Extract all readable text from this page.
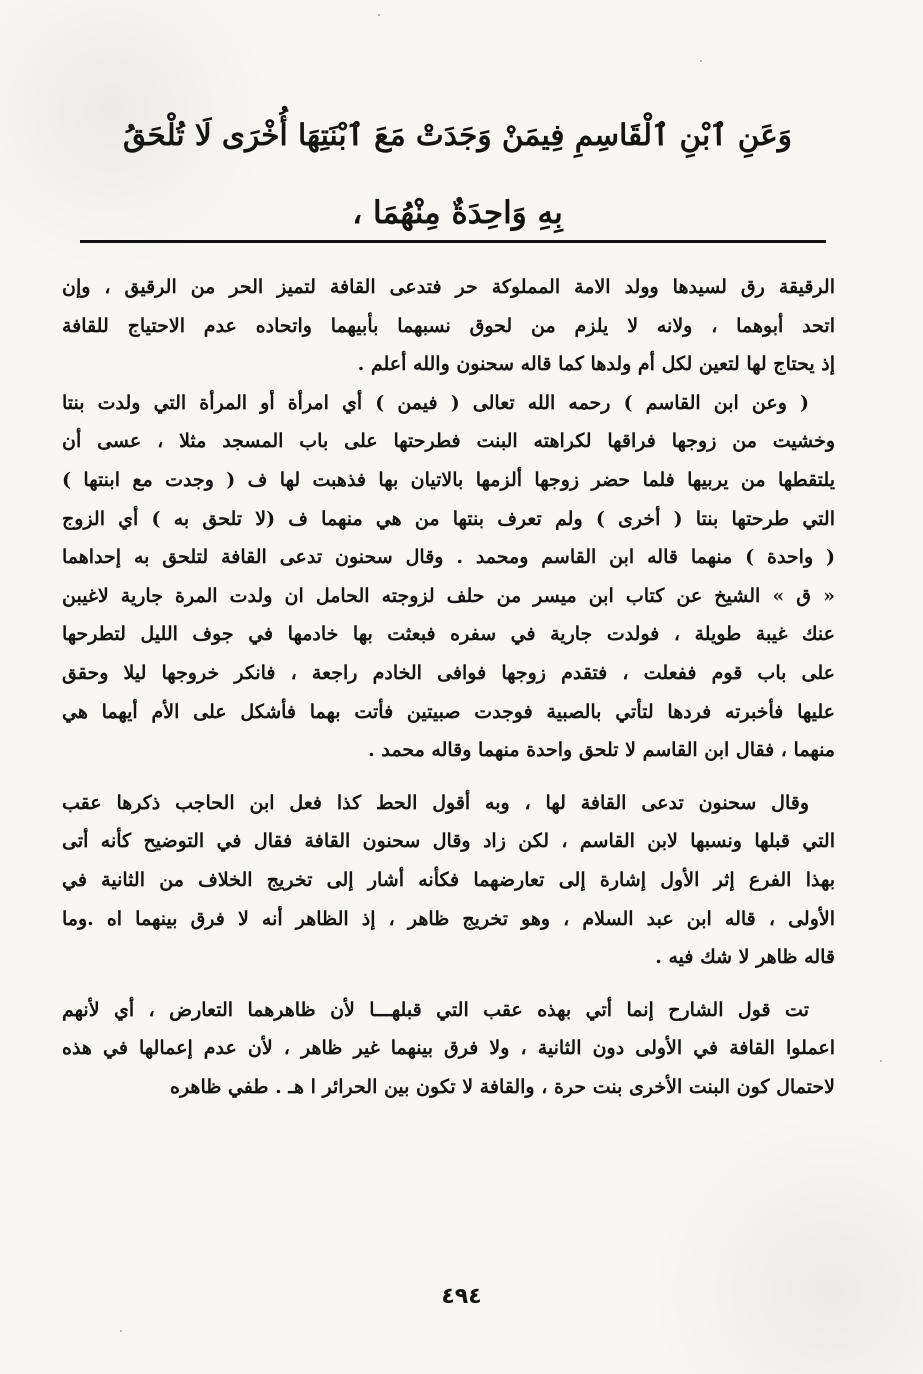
وَعَنِ ٱبْنِ ٱلْقَاسِمِ فِيمَنْ وَجَدَتْ مَعَ ٱبْنَتِهَا أُخْرَى لَا تُلْحَقُ
بِهِ وَاحِدَةٌ مِنْهُمَا ،

الرقيقة رق لسيدها وولد الامة المملوكة حر فتدعى القافة لتميز الحر من الرقيق ، وإن
اتحد أبوهما ، ولانه لا يلزم من لحوق نسبهما بأبيهما واتحاده عدم الاحتياج للقافة
إذ يحتاج لها لتعين لكل أم ولدها كما قاله سحنون والله أعلم .

( وعن ابن القاسم ) رحمه الله تعالى ( فيمن ) أي امرأة أو المرأة التي ولدت بنتا
وخشيت من زوجها فراقها لكراهته البنت فطرحتها على باب المسجد مثلا ، عسى أن
يلتقطها من يربيها فلما حضر زوجها ألزمها بالاتيان بها فذهبت لها ف ( وجدت مع ابنتها )
التي طرحتها بنتا ( أخرى ) ولم تعرف بنتها من هي منهما ف (لا تلحق به ) أي الزوج
( واحدة ) منهما قاله ابن القاسم ومحمد . وقال سحنون تدعى القافة لتلحق به إحداهما
« ق » الشيخ عن كتاب ابن ميسر من حلف لزوجته الحامل ان ولدت المرة جارية لاغيبن
عنك غيبة طويلة ، فولدت جارية في سفره فبعثت بها خادمها في جوف الليل لتطرحها
على باب قوم ففعلت ، فتقدم زوجها فوافى الخادم راجعة ، فانكر خروجها ليلا وحقق
عليها فأخبرته فردها لتأتي بالصبية فوجدت صبيتين فأتت بهما فأشكل على الأم أيهما هي
منهما ، فقال ابن القاسم لا تلحق واحدة منهما وقاله محمد .

وقال سحنون تدعى القافة لها ، وبه أقول الحط كذا فعل ابن الحاجب ذكرها عقب
التي قبلها ونسبها لابن القاسم ، لكن زاد وقال سحنون القافة فقال في التوضيح كأنه أتى
بهذا الفرع إثر الأول إشارة إلى تعارضهما فكأنه أشار إلى تخريج الخلاف من الثانية في
الأولى ، قاله ابن عبد السلام ، وهو تخريج ظاهر ، إذ الظاهر أنه لا فرق بينهما اه .وما
قاله ظاهر لا شك فيه .

تت قول الشارح إنما أتي بهذه عقب التي قبلهـــا لأن ظاهرهما التعارض ، أي لأنهم
اعملوا القافة في الأولى دون الثانية ، ولا فرق بينهما غير ظاهر ، لأن عدم إعمالها في هذه
لاحتمال كون البنت الأخرى بنت حرة ، والقافة لا تكون بين الحرائر ا هـ . طفي ظاهره

٤٩٤
